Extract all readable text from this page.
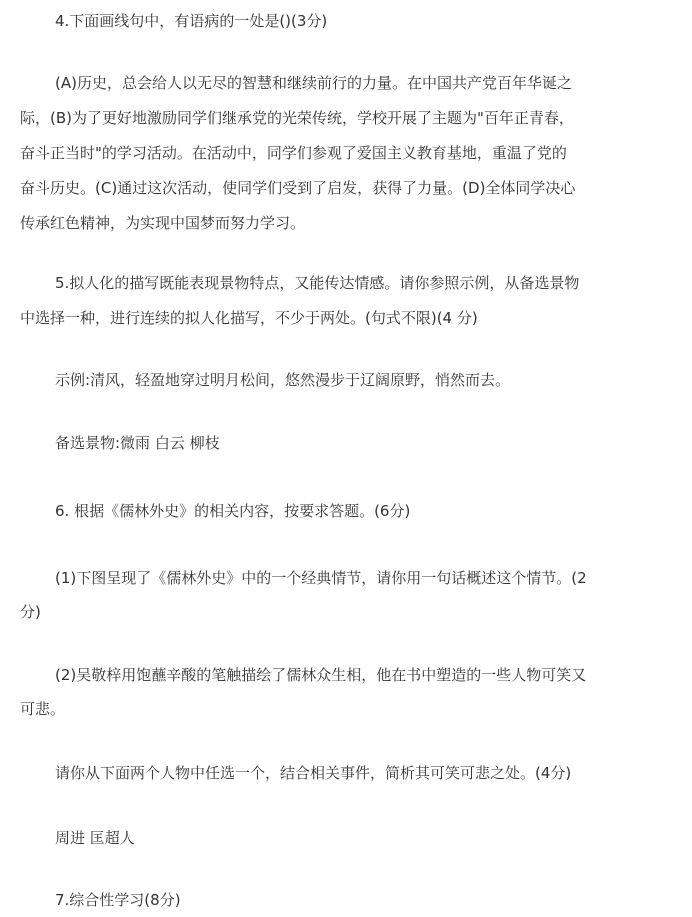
4.下面画线句中，有语病的一处是()(3分)

(A)历史，总会给人以无尽的智慧和继续前行的力量。在中国共产党百年华诞之

际，(B)为了更好地激励同学们继承党的光荣传统，学校开展了主题为"百年正青春，

奋斗正当时"的学习活动。在活动中，同学们参观了爱国主义教育基地，重温了党的

奋斗历史。(C)通过这次活动，使同学们受到了启发，获得了力量。(D)全体同学决心

传承红色精神，为实现中国梦而努力学习。

5.拟人化的描写既能表现景物特点，又能传达情感。请你参照示例，从备选景物

中选择一种，进行连续的拟人化描写，不少于两处。(句式不限)(4 分)

示例:清风，轻盈地穿过明月松间，悠然漫步于辽阔原野，悄然而去。

备选景物:微雨 白云 柳枝

6. 根据《儒林外史》的相关内容，按要求答题。(6分)

(1)下图呈现了《儒林外史》中的一个经典情节，请你用一句话概述这个情节。(2

分)

(2)吴敬梓用饱蘸辛酸的笔触描绘了儒林众生相，他在书中塑造的一些人物可笑又

可悲。

请你从下面两个人物中任选一个，结合相关事件，简析其可笑可悲之处。(4分)

周进 匡超人

7.综合性学习(8分)
